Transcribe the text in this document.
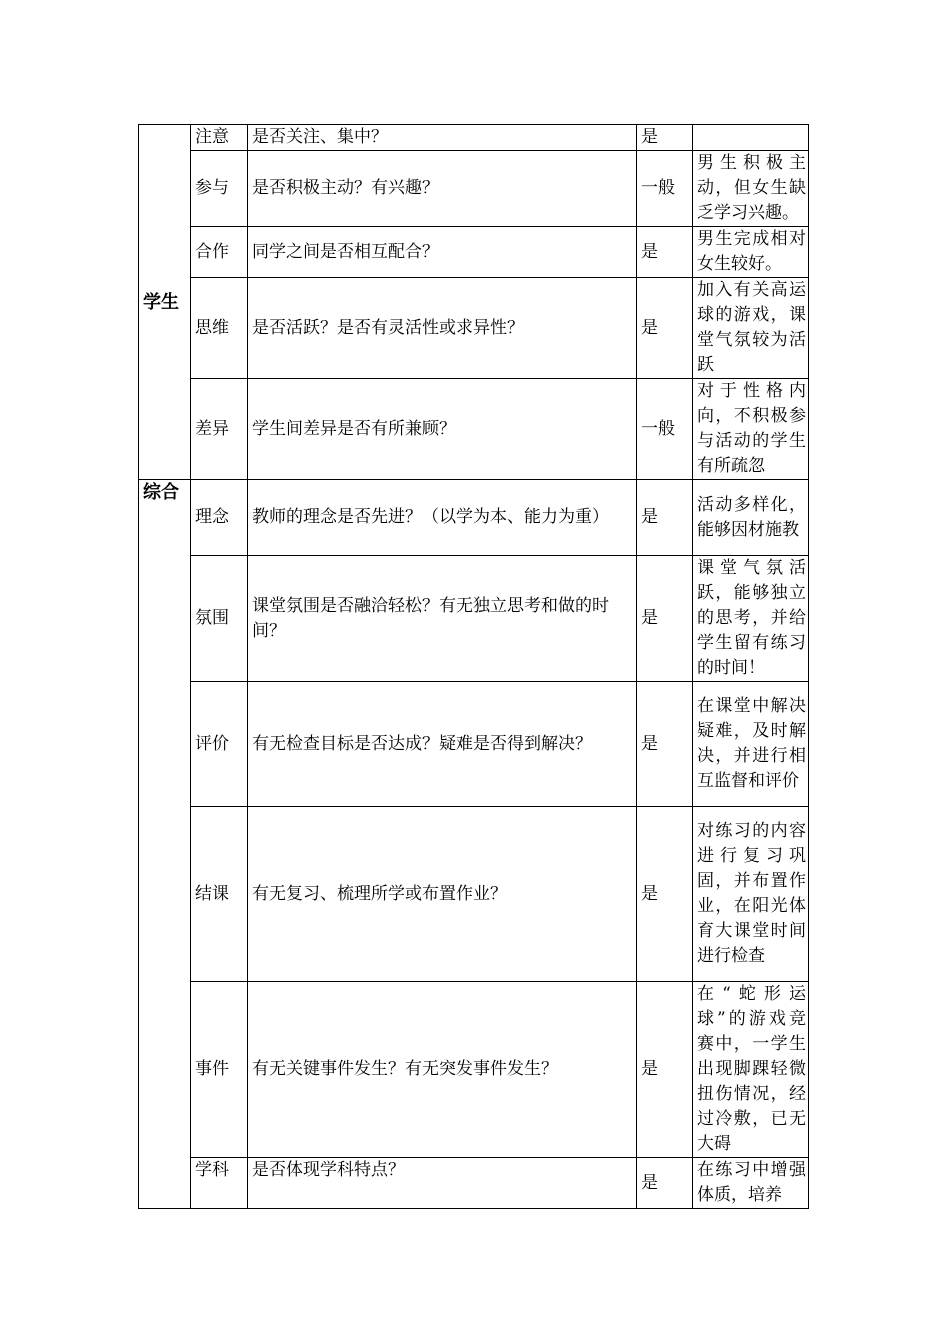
学生	注意	是否关注、集中？	是	
	参与	是否积极主动？有兴趣？	一般	男生积极主动，但女生缺乏学习兴趣。
	合作	同学之间是否相互配合？	是	男生完成相对女生较好。
	思维	是否活跃？是否有灵活性或求异性？	是	加入有关高运球的游戏，课堂气氛较为活跃
	差异	学生间差异是否有所兼顾？	一般	对于性格内向，不积极参与活动的学生有所疏忽
综合	理念	教师的理念是否先进？（以学为本、能力为重）	是	活动多样化，能够因材施教
	氛围	课堂氛围是否融洽轻松？有无独立思考和做的时间？	是	课堂气氛活跃，能够独立的思考，并给学生留有练习的时间！
	评价	有无检查目标是否达成？疑难是否得到解决？	是	在课堂中解决疑难，及时解决，并进行相互监督和评价
	结课	有无复习、梳理所学或布置作业？	是	对练习的内容进行复习巩固，并布置作业，在阳光体育大课堂时间进行检查
	事件	有无关键事件发生？有无突发事件发生？	是	在“蛇形运球”的游戏竞赛中，一学生出现脚踝轻微扭伤情况，经过冷敷，已无大碍
	学科	是否体现学科特点？	是	在练习中增强体质，培养
